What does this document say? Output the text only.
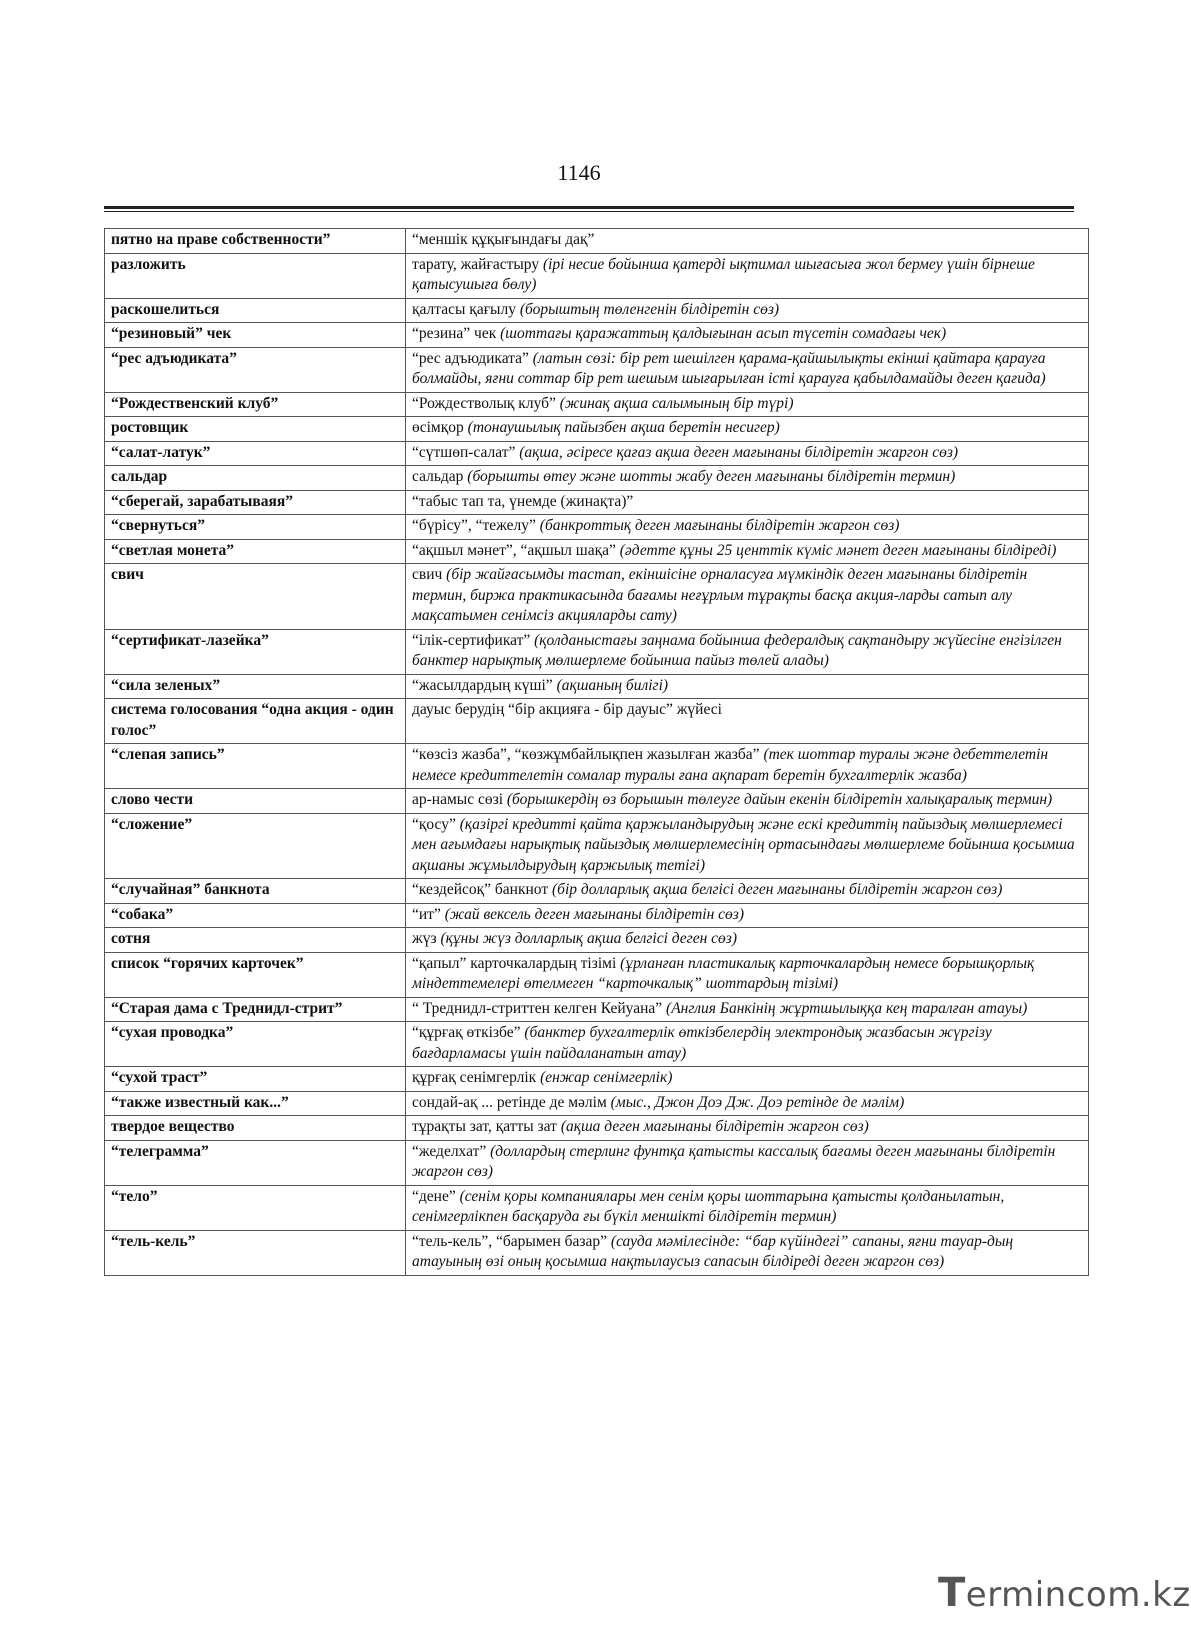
1146
пятно на праве собственности”	“меншік құқығындағы дақ”
разложить	тарату, жайғастыру (ірі несие бойынша қатерді ықтимал шығасыға жол бермеу үшін бірнеше қатысушыға бөлу)
раскошелиться	қалтасы қағылу (борыштың төленгенін білдіретін сөз)
“резиновый” чек	“резина” чек (шоттағы қаражаттың қалдығынан асып түсетін сомадағы чек)
“рес адъюдиката”	“рес адъюдиката” (латын сөзі: бір рет шешілген қарама-қайшылықты екінші қайтара қарауға болмайды, яғни соттар бір рет шешым шығарылған істі қарауға қабылдамайды деген қағида)
“Рождественский клуб”	“Рождестволық клуб” (жинақ ақша салымының бір түрі)
ростовщик	өсімқор (тонаушылық пайызбен ақша беретін несигер)
“салат-латук”	“сүтшөп-салат” (ақша, әсіресе қағаз ақша деген мағынаны білдіретін жаргон сөз)
сальдар	сальдар (борышты өтеу және шотты жабу деген мағынаны білдіретін термин)
“сберегай, зарабатываяя”	“табыс тап та, үнемде (жинақта)”
“свернуться”	“бүрісу”, “тежелу” (банкроттық деген мағынаны білдіретін жаргон сөз)
“светлая монета”	“ақшыл мәнет”, “ақшыл шақа” (әдетте құны 25 центтік күміс мәнет деген мағынаны білдіреді)
свич	свич (бір жайғасымды тастап, екіншісіне орналасуға мүмкіндік деген мағынаны білдіретін термин, биржа практикасында бағамы неғұрлым тұрақты басқа акция-ларды сатып алу мақсатымен сенімсіз акцияларды сату)
“сертификат-лазейка”	“ілік-сертификат” (қолданыстағы заңнама бойынша федералдық сақтандыру жүйесіне енгізілген банктер нарықтық мөлшерлеме бойынша пайыз төлей алады)
“сила зеленых”	“жасылдардың күші” (ақшаның билігі)
система голосования “одна акция - один голос”	дауыс берудің “бір акцияға - бір дауыс” жүйесі
“слепая запись”	“көзсіз жазба”, “көзжұмбайлықпен жазылған жазба” (тек шоттар туралы және дебеттелетін немесе кредиттелетін сомалар туралы ғана ақпарат беретін бухгалтерлік жазба)
слово чести	ар-намыс сөзі (борышкердің өз борышын төлеуге дайын екенін білдіретін халықаралық термин)
“сложение”	“қосу” (қазіргі кредитті қайта қаржыландырудың және ескі кредиттің пайыздық мөлшерлемесі мен ағымдағы нарықтық пайыздық мөлшерлемесінің ортасындағы мөлшерлеме бойынша қосымша ақшаны жұмылдырудың қаржылық тетігі)
“случайная” банкнота	“кездейсоқ” банкнот (бір долларлық ақша белгісі деген мағынаны білдіретін жаргон сөз)
“собака”	“ит” (жай вексель деген мағынаны білдіретін сөз)
сотня	жүз (құны жүз долларлық ақша белгісі деген сөз)
список “горячих карточек”	“қапыл” карточкалардың тізімі (ұрланған пластикалық карточкалардың немесе борышқорлық міндеттемелері өтелмеген “карточкалық” шоттардың тізімі)
“Старая дама с Треднидл-стрит”	“ Треднидл-стриттен келген Кейуана” (Англия Банкінің жұртшылыққа кең таралған атауы)
“сухая проводка”	“құрғақ өткізбе” (банктер бухгалтерлік өткізбелердің электрондық жазбасын жүргізу бағдарламасы үшін пайдаланатын атау)
“сухой траст”	құрғақ сенімгерлік (енжар сенімгерлік)
“также известный как...”	сондай-ақ ... ретінде де мәлім (мыс., Джон Доэ Дж. Доэ ретінде де мәлім)
твердое вещество	тұрақты зат, қатты зат (ақша деген мағынаны білдіретін жаргон сөз)
“телеграмма”	“жеделхат” (доллардың стерлинг фунтқа қатысты кассалық бағамы деген мағынаны білдіретін жаргон сөз)
“тело”	“дене” (сенім қоры компаниялары мен сенім қоры шоттарына қатысты қолданылатын, сенімгерлікпен басқаруда ғы бүкіл меншікті білдіретін термин)
“тель-кель”	“тель-кель”, “барымен базар” (сауда мәмілесінде: “бар күйіндегі” сапаны, яғни тауар-дың атауының өзі оның қосымша нақтылаусыз сапасын білдіреді деген жаргон сөз)
Termincom.kz
